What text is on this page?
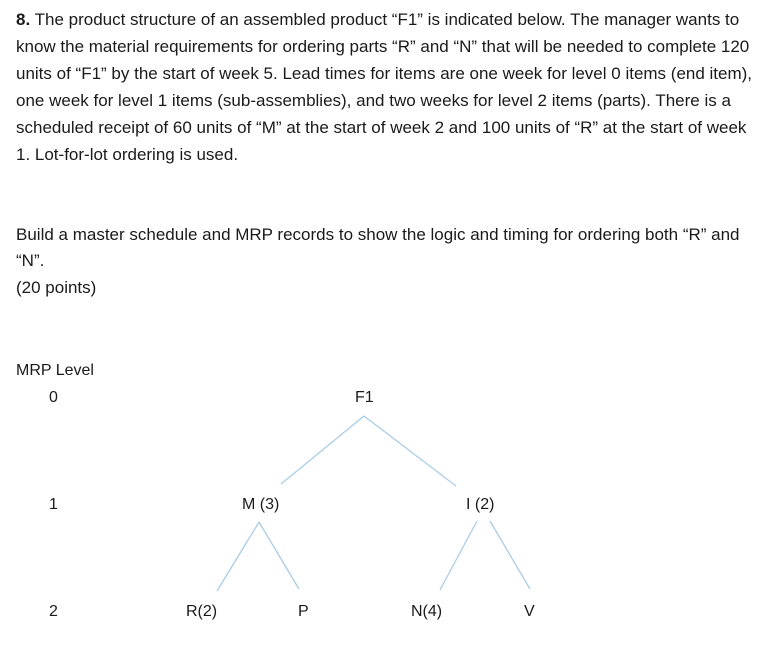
8. The product structure of an assembled product “F1” is indicated below. The manager wants to know the material requirements for ordering parts “R” and “N” that will be needed to complete 120 units of “F1” by the start of week 5. Lead times for items are one week for level 0 items (end item), one week for level 1 items (sub-assemblies), and two weeks for level 2 items (parts). There is a scheduled receipt of 60 units of “M” at the start of week 2 and 100 units of “R” at the start of week 1. Lot-for-lot ordering is used.

Build a master schedule and MRP records to show the logic and timing for ordering both “R” and “N”.

(20 points)

MRP Level
0
1
2
F1
M (3)	I (2)
R(2)	P	N(4)	V
